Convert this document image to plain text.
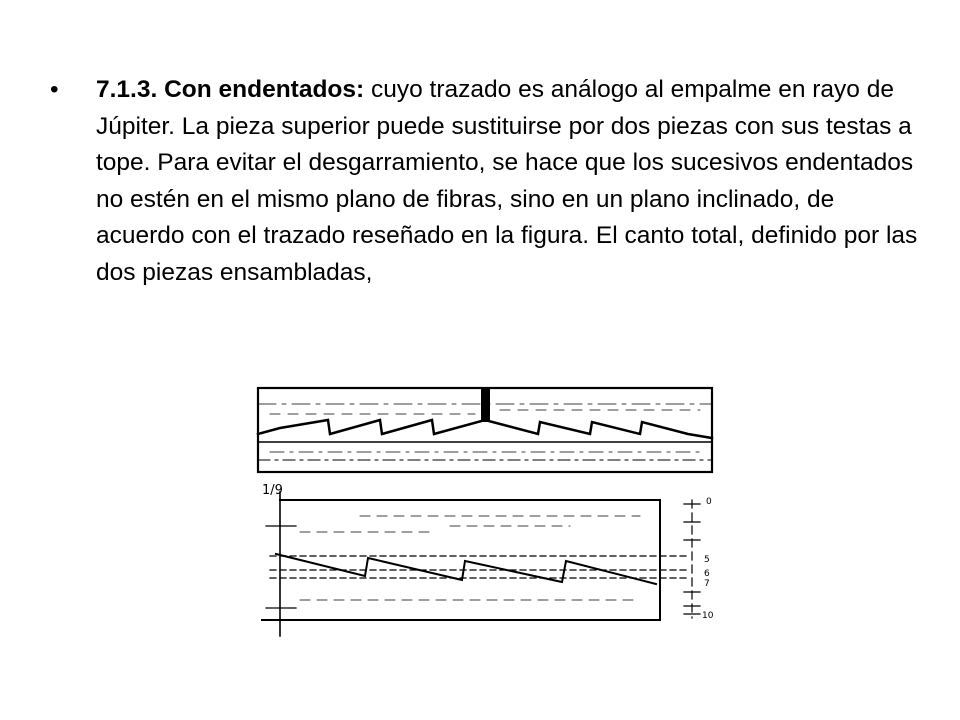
•	7.1.3. Con endentados: cuyo trazado es análogo al empalme en rayo de Júpiter. La pieza superior puede sustituirse por dos piezas con sus testas a tope. Para evitar el desgarramiento, se hace que los sucesivos endentados no estén en el mismo plano de fibras, sino en un plano inclinado, de acuerdo con el trazado reseñado en la figura. El canto total, definido por las dos piezas ensambladas,
1/9
0
5
6
7
10
